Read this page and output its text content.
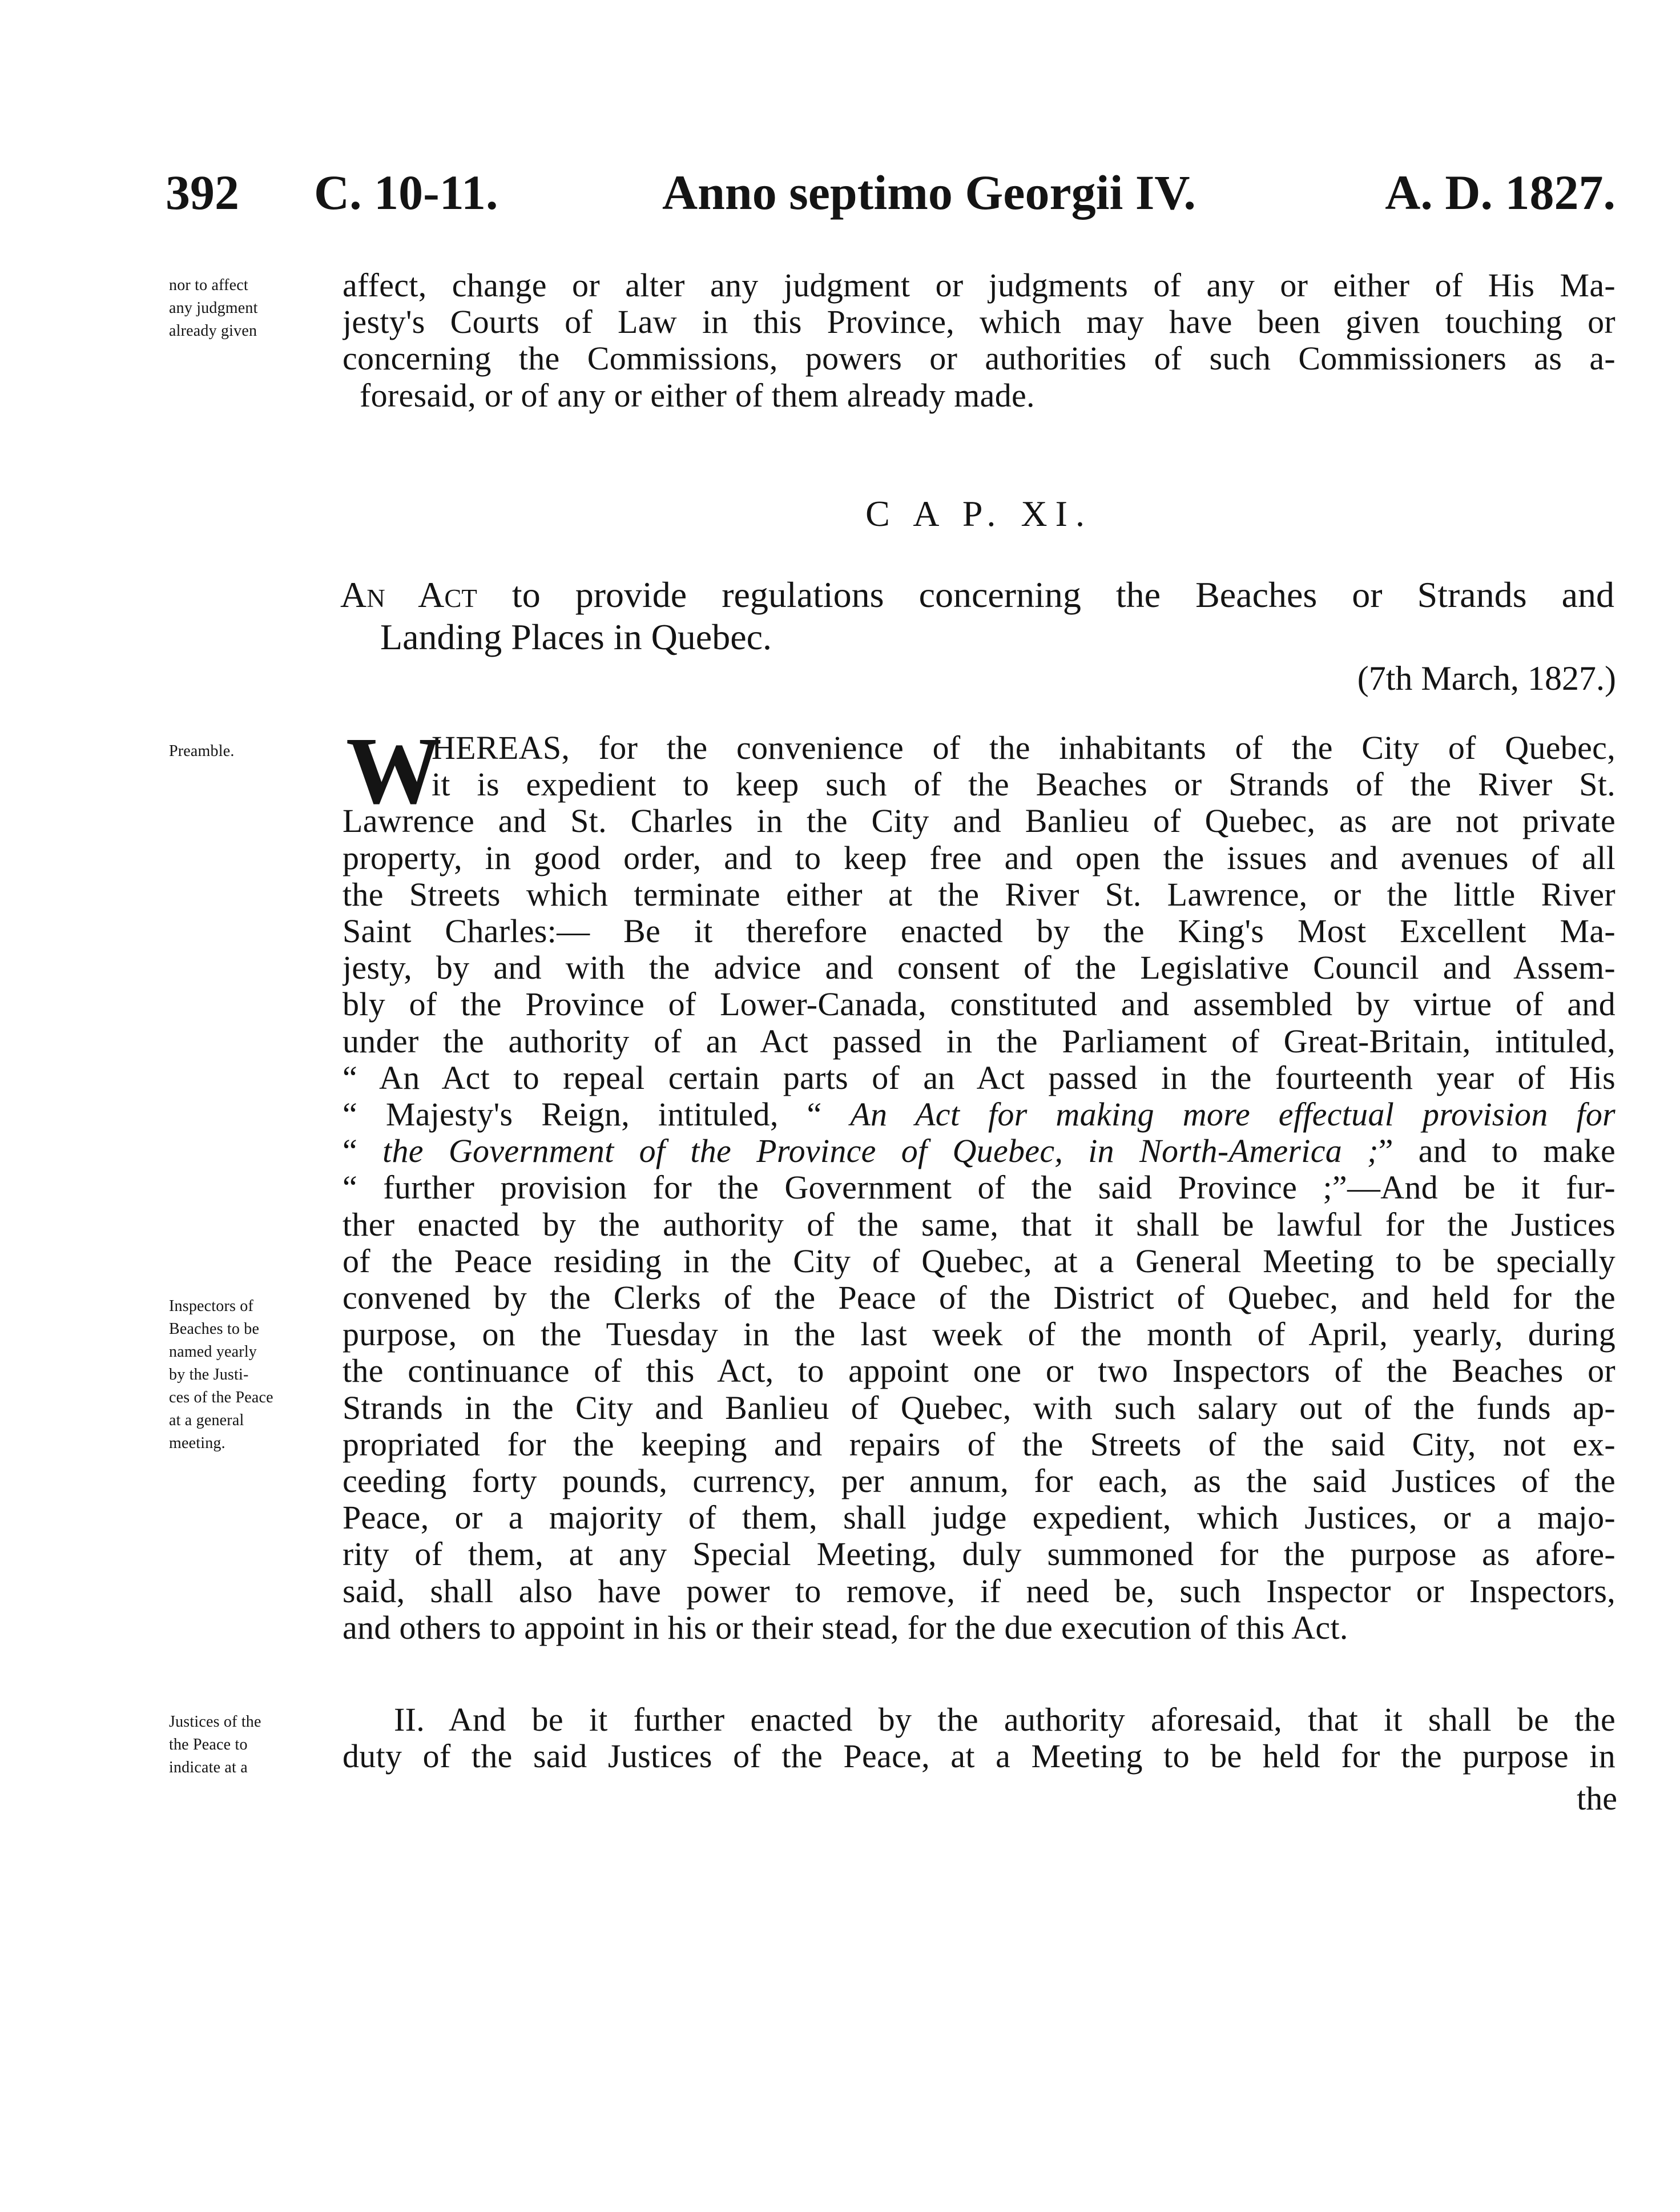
392 C. 10-11.	Anno septimo Georgii IV.	A. D. 1827.
nor to affect
any judgment
already given
affect, change or alter any judgment or judgments of any or either of His Ma-
jesty's Courts of Law in this Province, which may have been given touching or
concerning the Commissions, powers or authorities of such Commissioners as a-
foresaid, or of any or either of them already made.
C A P. XI.
An Act to provide regulations concerning the Beaches or Strands and
Landing Places in Quebec.
(7th March, 1827.)
Preamble.	W
HEREAS, for the convenience of the inhabitants of the City of Quebec,
it is expedient to keep such of the Beaches or Strands of the River St.
Lawrence and St. Charles in the City and Banlieu of Quebec, as are not private
property, in good order, and to keep free and open the issues and avenues of all
the Streets which terminate either at the River St. Lawrence, or the little River
Saint Charles:— Be it therefore enacted by the King's Most Excellent Ma-
jesty, by and with the advice and consent of the Legislative Council and Assem-
bly of the Province of Lower-Canada, constituted and assembled by virtue of and
under the authority of an Act passed in the Parliament of Great-Britain, intituled,
“ An Act to repeal certain parts of an Act passed in the fourteenth year of His
“ Majesty's Reign, intituled, “ An Act for making more effectual provision for
“ the Government of the Province of Quebec, in North-America ;” and to make
“ further provision for the Government of the said Province ;”—And be it fur-
ther enacted by the authority of the same, that it shall be lawful for the Justices
of the Peace residing in the City of Quebec, at a General Meeting to be specially
convened by the Clerks of the Peace of the District of Quebec, and held for the
purpose, on the Tuesday in the last week of the month of April, yearly, during
the continuance of this Act, to appoint one or two Inspectors of the Beaches or
Strands in the City and Banlieu of Quebec, with such salary out of the funds ap-
propriated for the keeping and repairs of the Streets of the said City, not ex-
ceeding forty pounds, currency, per annum, for each, as the said Justices of the
Peace, or a majority of them, shall judge expedient, which Justices, or a majo-
rity of them, at any Special Meeting, duly summoned for the purpose as afore-
said, shall also have power to remove, if need be, such Inspector or Inspectors,
and others to appoint in his or their stead, for the due execution of this Act.
Inspectors of
Beaches to be
named yearly
by the Justi-
ces of the Peace
at a general
meeting.
Justices of the
the Peace to
indicate at a
II. And be it further enacted by the authority aforesaid, that it shall be the
duty of the said Justices of the Peace, at a Meeting to be held for the purpose in
the
